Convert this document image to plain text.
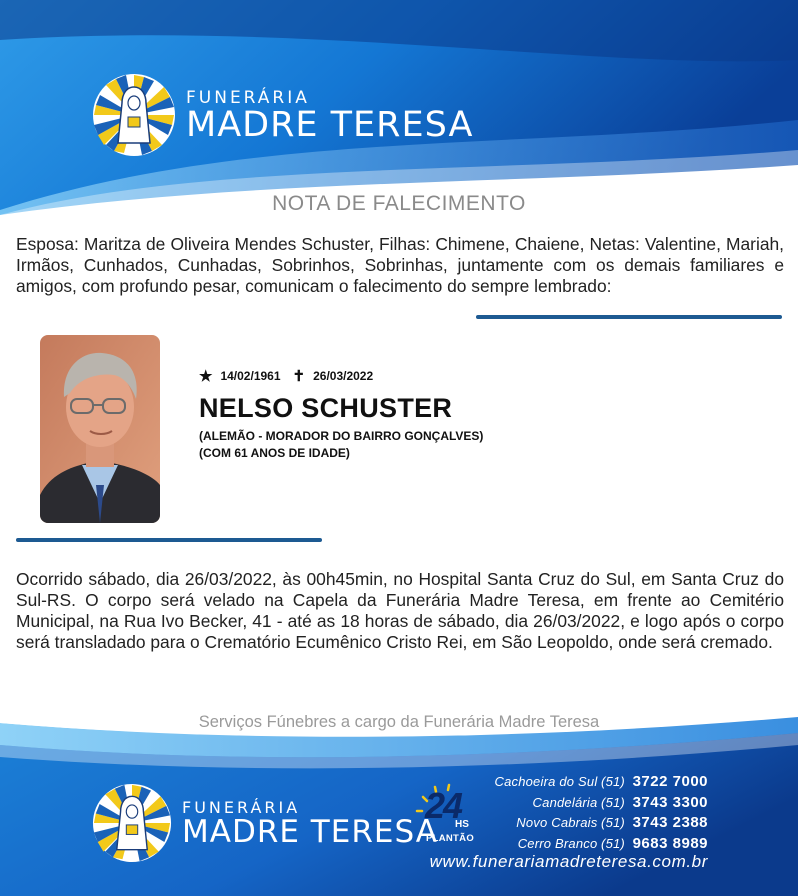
FUNERÁRIA
MADRE TERESA
NOTA DE FALECIMENTO

Esposa: Maritza de Oliveira Mendes Schuster, Filhas: Chimene, Chaiene, Netas: Valentine, Mariah, Irmãos, Cunhados, Cunhadas, Sobrinhos, Sobrinhas, juntamente com os demais familiares e amigos, com profundo pesar, comunicam o falecimento do sempre lembrado:

★ 14/02/1961 ✝ 26/03/2022
NELSO SCHUSTER
(ALEMÃO - MORADOR DO BAIRRO GONÇALVES)
(COM 61 ANOS DE IDADE)

Ocorrido sábado, dia 26/03/2022, às 00h45min, no Hospital Santa Cruz do Sul, em Santa Cruz do Sul-RS. O corpo será velado na Capela da Funerária Madre Teresa, em frente ao Cemitério Municipal, na Rua Ivo Becker, 41 - até as 18 horas de sábado, dia 26/03/2022, e logo após o corpo será transladado para o Crematório Ecumênico Cristo Rei, em São Leopoldo, onde será cremado.

Serviços Fúnebres a cargo da Funerária Madre Teresa
FUNERÁRIA
MADRE TERESA
24
HS
PLANTÃO
Cachoeira do Sul (51) 3722 7000
Candelária (51) 3743 3300
Novo Cabrais (51) 3743 2388
Cerro Branco (51) 9683 8989
www.funerariamadreteresa.com.br
